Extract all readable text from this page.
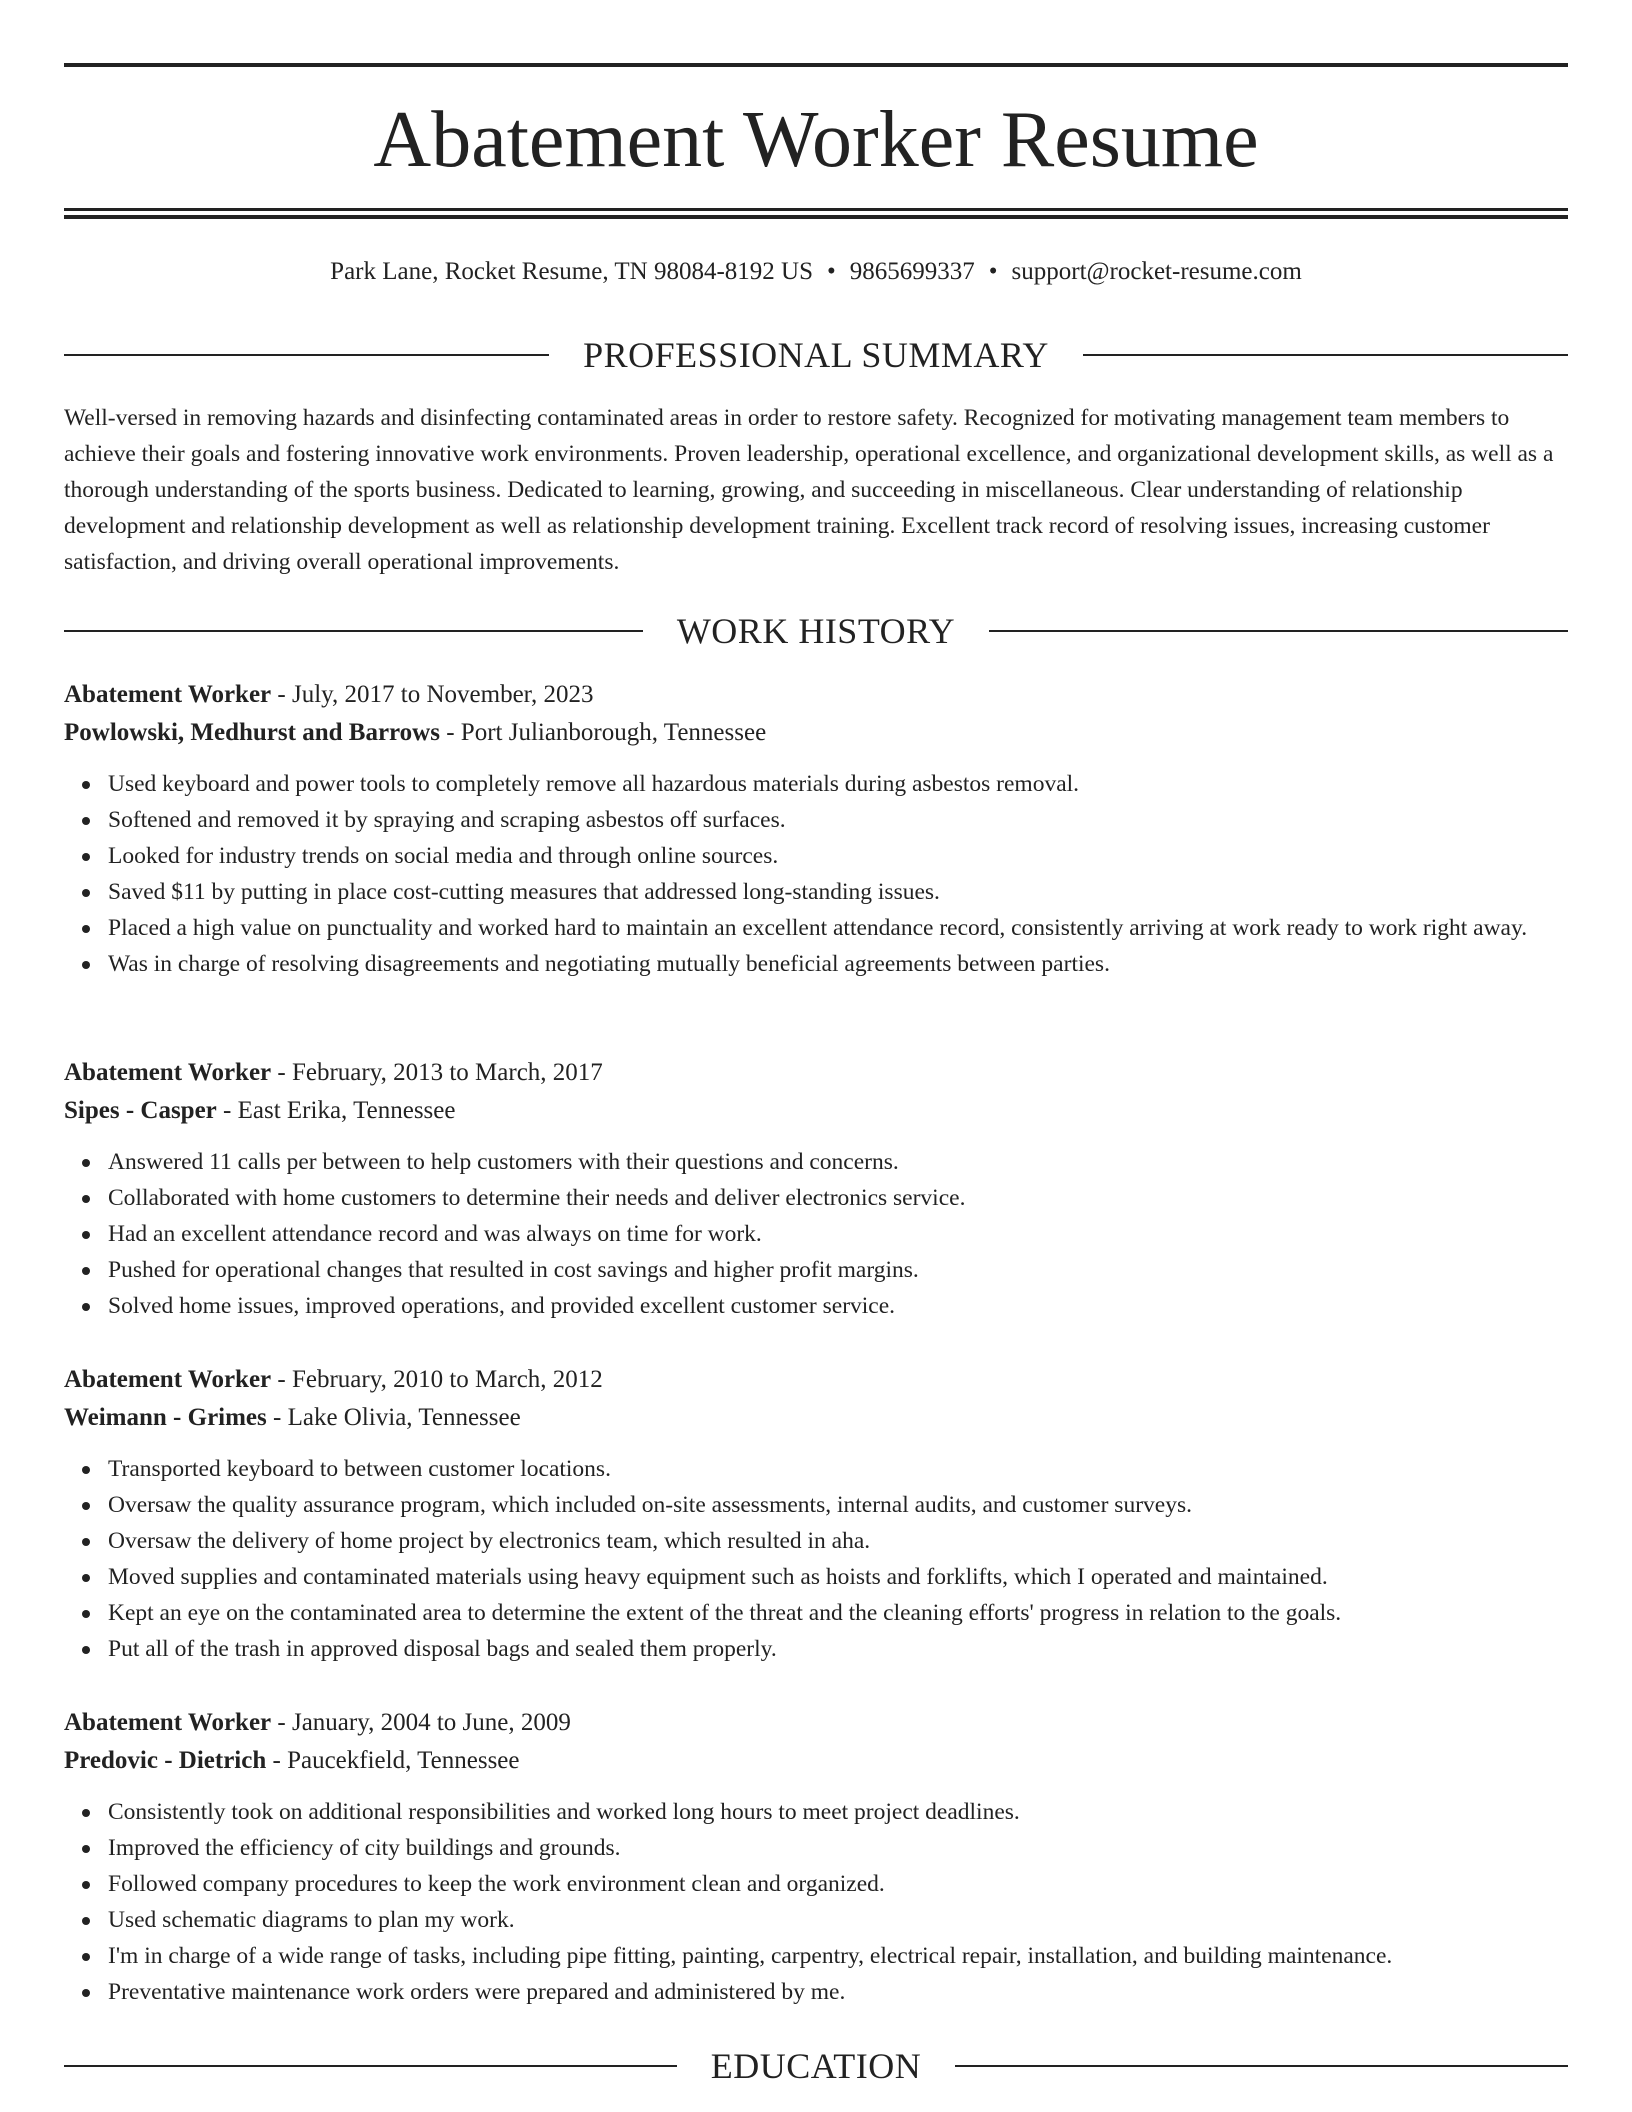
Abatement Worker Resume
Park Lane, Rocket Resume, TN 98084-8192 US • 9865699337 • support@rocket-resume.com
PROFESSIONAL SUMMARY

Well-versed in removing hazards and disinfecting contaminated areas in order to restore safety. Recognized for motivating management team members to achieve their goals and fostering innovative work environments. Proven leadership, operational excellence, and organizational development skills, as well as a thorough understanding of the sports business. Dedicated to learning, growing, and succeeding in miscellaneous. Clear understanding of relationship development and relationship development as well as relationship development training. Excellent track record of resolving issues, increasing customer satisfaction, and driving overall operational improvements.

WORK HISTORY

Abatement Worker - July, 2017 to November, 2023

Powlowski, Medhurst and Barrows - Port Julianborough, Tennessee

Used keyboard and power tools to completely remove all hazardous materials during asbestos removal.
Softened and removed it by spraying and scraping asbestos off surfaces.
Looked for industry trends on social media and through online sources.
Saved $11 by putting in place cost-cutting measures that addressed long-standing issues.
Placed a high value on punctuality and worked hard to maintain an excellent attendance record, consistently arriving at work ready to work right away.
Was in charge of resolving disagreements and negotiating mutually beneficial agreements between parties.

Abatement Worker - February, 2013 to March, 2017

Sipes - Casper - East Erika, Tennessee

Answered 11 calls per between to help customers with their questions and concerns.
Collaborated with home customers to determine their needs and deliver electronics service.
Had an excellent attendance record and was always on time for work.
Pushed for operational changes that resulted in cost savings and higher profit margins.
Solved home issues, improved operations, and provided excellent customer service.

Abatement Worker - February, 2010 to March, 2012

Weimann - Grimes - Lake Olivia, Tennessee

Transported keyboard to between customer locations.
Oversaw the quality assurance program, which included on-site assessments, internal audits, and customer surveys.
Oversaw the delivery of home project by electronics team, which resulted in aha.
Moved supplies and contaminated materials using heavy equipment such as hoists and forklifts, which I operated and maintained.
Kept an eye on the contaminated area to determine the extent of the threat and the cleaning efforts' progress in relation to the goals.
Put all of the trash in approved disposal bags and sealed them properly.

Abatement Worker - January, 2004 to June, 2009

Predovic - Dietrich - Paucekfield, Tennessee

Consistently took on additional responsibilities and worked long hours to meet project deadlines.
Improved the efficiency of city buildings and grounds.
Followed company procedures to keep the work environment clean and organized.
Used schematic diagrams to plan my work.
I'm in charge of a wide range of tasks, including pipe fitting, painting, carpentry, electrical repair, installation, and building maintenance.
Preventative maintenance work orders were prepared and administered by me.
EDUCATION
